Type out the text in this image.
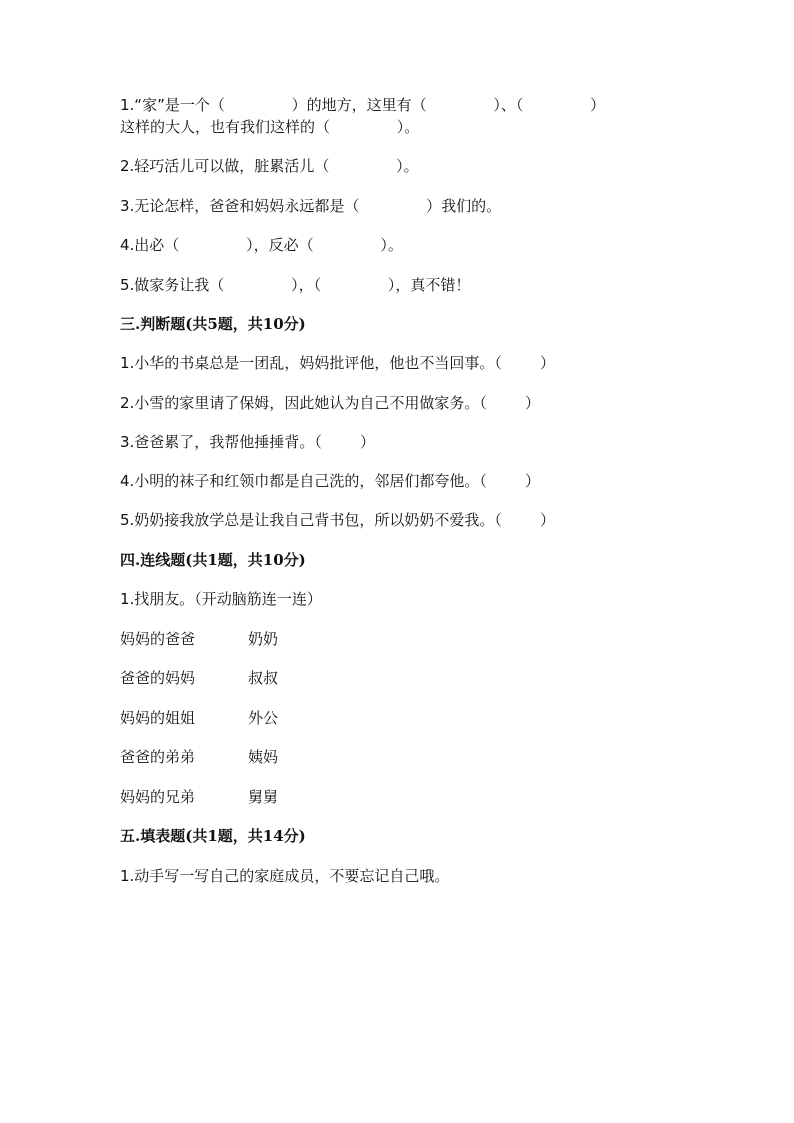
1.“家”是一个（              ）的地方，这里有（              ）、（              ）
这样的大人，也有我们这样的（              ）。
2.轻巧活儿可以做，脏累活儿（              ）。
3.无论怎样，爸爸和妈妈永远都是（              ）我们的。
4.出必（              ），反必（              ）。
5.做家务让我（              ），（              ），真不错！
三.判断题(共5题，共10分)
1.小华的书桌总是一团乱，妈妈批评他，他也不当回事。（        ）
2.小雪的家里请了保姆，因此她认为自己不用做家务。（        ）
3.爸爸累了，我帮他捶捶背。（        ）
4.小明的袜子和红领巾都是自己洗的，邻居们都夸他。（        ）
5.奶奶接我放学总是让我自己背书包，所以奶奶不爱我。（        ）
四.连线题(共1题，共10分)
1.找朋友。（开动脑筋连一连）
妈妈的爸爸	奶奶
爸爸的妈妈	叔叔
妈妈的姐姐	外公
爸爸的弟弟	姨妈
妈妈的兄弟	舅舅
五.填表题(共1题，共14分)
1.动手写一写自己的家庭成员，不要忘记自己哦。
